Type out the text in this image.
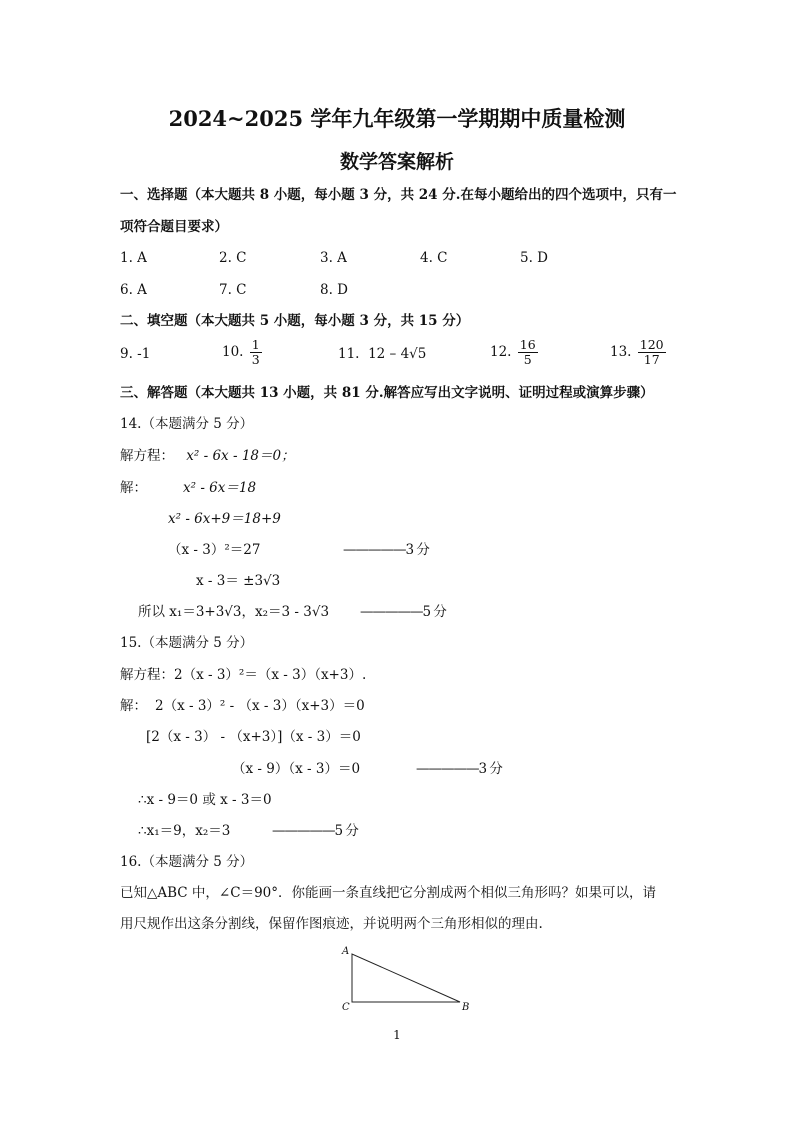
2024~2025 学年九年级第一学期期中质量检测
数学答案解析
一、选择题（本大题共 8 小题，每小题 3 分，共 24 分.在每小题给出的四个选项中，只有一
项符合题目要求）
1. A	2. C	3. A	4. C	5. D
6. A	7. C	8. D
二、填空题（本大题共 5 小题，每小题 3 分，共 15 分）
9. -1	10. $\frac{1}{3}$	11. 12 – 4√5	12. $\frac{16}{5}$	13. $\frac{120}{17}$
三、解答题（本大题共 13 小题，共 81 分.解答应写出文字说明、证明过程或演算步骤）
14.（本题满分 5 分）
解方程： x² - 6x - 18＝0；
解：	x² - 6x＝18
x² - 6x+9＝18+9
（x - 3）²＝27	—————3 分
x - 3＝ ±3√3
所以 x₁＝3+3√3，x₂＝3 - 3√3 —————5 分
15.（本题满分 5 分）
解方程：2（x - 3）²＝（x - 3）（x+3）.
解： 2（x - 3）² - （x - 3）（x+3）＝0
[2（x - 3） - （x+3）]（x - 3）＝0
（x - 9）（x - 3）＝0	—————3 分
∴x - 9＝0 或 x - 3＝0
∴x₁＝9，x₂＝3	—————5 分
16.（本题满分 5 分）
已知△ABC 中，∠C＝90°．你能画一条直线把它分割成两个相似三角形吗？如果可以，请
用尺规作出这条分割线，保留作图痕迹，并说明两个三角形相似的理由.
A
C	B
1
